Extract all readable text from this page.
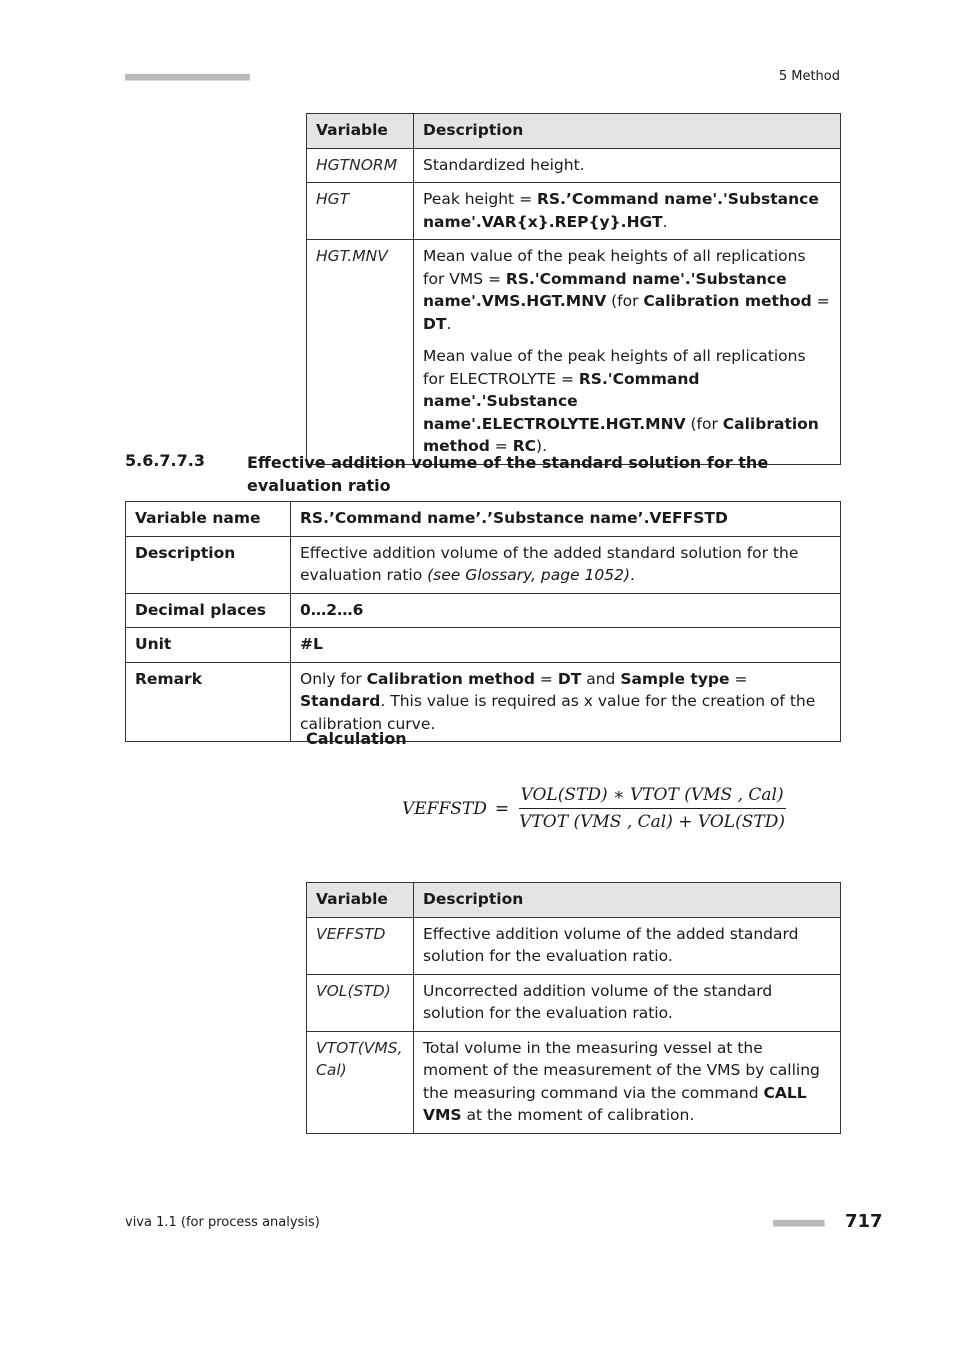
■■■■■■■■■■■■■■■■■■■■■■	5 Method
Variable	Description
HGTNORM	Standardized height.
HGT	Peak height = RS.’Command name'.'Substance name'.VAR{x}.REP{y}.HGT.
HGT.MNV	Mean value of the peak heights of all replications for VMS = RS.'Command name'.'Substance name'.VMS.HGT.MNV (for Calibration method = DT.

Mean value of the peak heights of all replications for ELECTROLYTE = RS.'Command name'.'Substance name'.ELECTROLYTE.HGT.MNV (for Calibration method = RC).

5.6.7.7.3	Effective addition volume of the standard solution for the evaluation ratio
Variable name	RS.’Command name’.’Substance name’.VEFFSTD
Description	Effective addition volume of the added standard solution for the evaluation ratio (see Glossary, page 1052).
Decimal places	0…2…6
Unit	#L
Remark	Only for Calibration method = DT and Sample type = Standard. This value is required as x value for the creation of the calibration curve.
Calculation
VEFFSTD = $\frac{\text{VOL(STD) ∗ VTOT (VMS , Cal)}}{\text{VTOT (VMS , Cal) + VOL(STD)}}$
Variable	Description
VEFFSTD	Effective addition volume of the added standard solution for the evaluation ratio.
VOL(STD)	Uncorrected addition volume of the standard solution for the evaluation ratio.
VTOT(VMS, Cal)	Total volume in the measuring vessel at the moment of the measurement of the VMS by calling the measuring command via the command CALL VMS at the moment of calibration.
viva 1.1 (for process analysis)	■■■■■■■■■ 717
